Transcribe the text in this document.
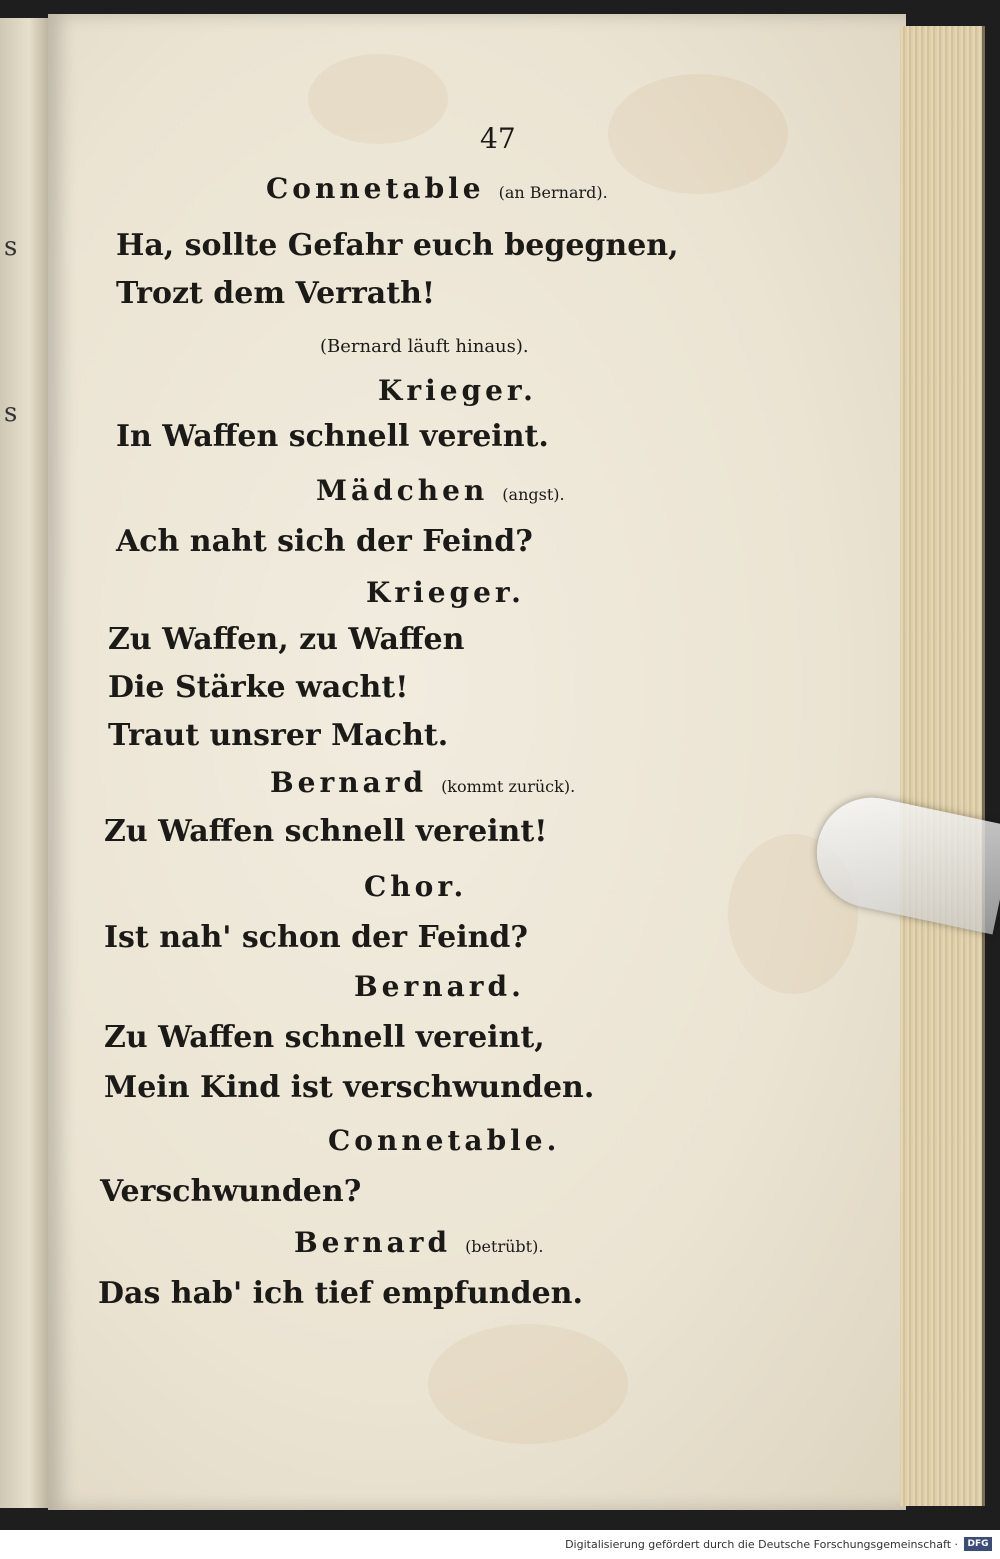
s
s
47
Connetable (an Bernard).
Ha, sollte Gefahr euch begegnen,
Trozt dem Verrath!
(Bernard läuft hinaus).
Krieger.
In Waffen schnell vereint.
Mädchen (angst).
Ach naht sich der Feind?
Krieger.
Zu Waffen, zu Waffen
Die Stärke wacht!
Traut unsrer Macht.
Bernard (kommt zurück).
Zu Waffen schnell vereint!
Chor.
Ist nah' schon der Feind?
Bernard.
Zu Waffen schnell vereint,
Mein Kind ist verschwunden.
Connetable.
Verschwunden?
Bernard (betrübt).
Das hab' ich tief empfunden.
Digitalisierung gefördert durch die Deutsche Forschungsgemeinschaft ·	DFG
